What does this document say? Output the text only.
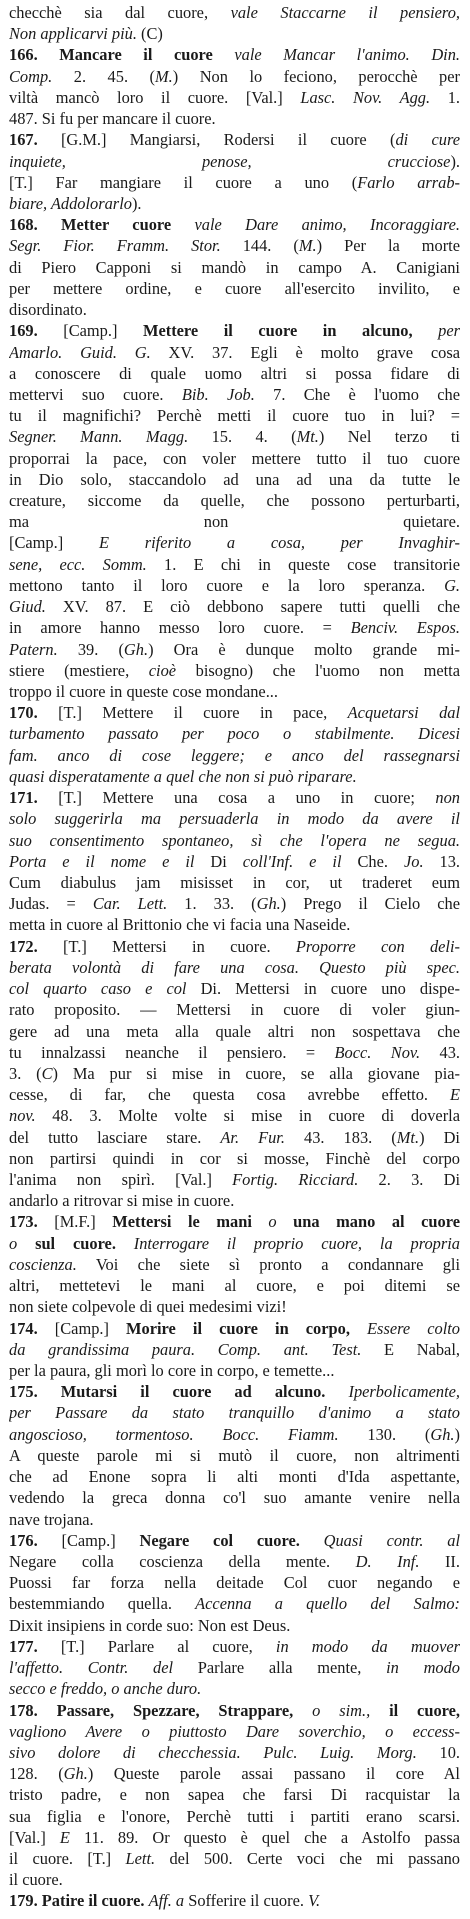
checchè sia dal cuore, vale Staccarne il pensiero,
Non applicarvi più. (C)
166. Mancare il cuore vale Mancar l'animo. Din.
Comp. 2. 45. (M.) Non lo feciono, perocchè per
viltà mancò loro il cuore. [Val.] Lasc. Nov. Agg. 1.
487. Si fu per mancare il cuore.
167. [G.M.] Mangiarsi, Rodersi il cuore (di cure
inquiete, penose, crucciose).
[T.] Far mangiare il cuore a uno (Farlo arrab-
biare, Addolorarlo).
168. Metter cuore vale Dare animo, Incoraggiare.
Segr. Fior. Framm. Stor. 144. (M.) Per la morte
di Piero Capponi si mandò in campo A. Canigiani
per mettere ordine, e cuore all'esercito invilito, e
disordinato.
169. [Camp.] Mettere il cuore in alcuno, per
Amarlo. Guid. G. XV. 37. Egli è molto grave cosa
a conoscere di quale uomo altri si possa fidare di
mettervi suo cuore. Bib. Job. 7. Che è l'uomo che
tu il magnifichi? Perchè metti il cuore tuo in lui? =
Segner. Mann. Magg. 15. 4. (Mt.) Nel terzo ti
proporrai la pace, con voler mettere tutto il tuo cuore
in Dio solo, staccandolo ad una ad una da tutte le
creature, siccome da quelle, che possono perturbarti,
ma non quietare.
[Camp.] E riferito a cosa, per Invaghir-
sene, ecc. Somm. 1. E chi in queste cose transitorie
mettono tanto il loro cuore e la loro speranza. G.
Giud. XV. 87. E ciò debbono sapere tutti quelli che
in amore hanno messo loro cuore. = Benciv. Espos.
Patern. 39. (Gh.) Ora è dunque molto grande mi-
stiere (mestiere, cioè bisogno) che l'uomo non metta
troppo il cuore in queste cose mondane...
170. [T.] Mettere il cuore in pace, Acquetarsi dal
turbamento passato per poco o stabilmente. Dicesi
fam. anco di cose leggere; e anco del rassegnarsi
quasi disperatamente a quel che non si può riparare.
171. [T.] Mettere una cosa a uno in cuore; non
solo suggerirla ma persuaderla in modo da avere il
suo consentimento spontaneo, sì che l'opera ne segua.
Porta e il nome e il Di coll'Inf. e il Che. Jo. 13.
Cum diabulus jam misisset in cor, ut traderet eum
Judas. = Car. Lett. 1. 33. (Gh.) Prego il Cielo che
metta in cuore al Brittonio che vi facia una Naseide.
172. [T.] Mettersi in cuore. Proporre con deli-
berata volontà di fare una cosa. Questo più spec.
col quarto caso e col Di. Mettersi in cuore uno dispe-
rato proposito. — Mettersi in cuore di voler giun-
gere ad una meta alla quale altri non sospettava che
tu innalzassi neanche il pensiero. = Bocc. Nov. 43.
3. (C) Ma pur si mise in cuore, se alla giovane pia-
cesse, di far, che questa cosa avrebbe effetto. E
nov. 48. 3. Molte volte si mise in cuore di doverla
del tutto lasciare stare. Ar. Fur. 43. 183. (Mt.) Di
non partirsi quindi in cor si mosse, Finchè del corpo
l'anima non spirì. [Val.] Fortig. Ricciard. 2. 3. Di
andarlo a ritrovar si mise in cuore.
173. [M.F.] Mettersi le mani o una mano al cuore
o sul cuore. Interrogare il proprio cuore, la propria
coscienza. Voi che siete sì pronto a condannare gli
altri, mettetevi le mani al cuore, e poi ditemi se
non siete colpevole di quei medesimi vizi!
174. [Camp.] Morire il cuore in corpo, Essere colto
da grandissima paura. Comp. ant. Test. E Nabal,
per la paura, gli morì lo core in corpo, e temette...
175. Mutarsi il cuore ad alcuno. Iperbolicamente,
per Passare da stato tranquillo d'animo a stato
angoscioso, tormentoso. Bocc. Fiamm. 130. (Gh.)
A queste parole mi si mutò il cuore, non altrimenti
che ad Enone sopra li alti monti d'Ida aspettante,
vedendo la greca donna co'l suo amante venire nella
nave trojana.
176. [Camp.] Negare col cuore. Quasi contr. al
Negare colla coscienza della mente. D. Inf. II.
Puossi far forza nella deitade Col cuor negando e
bestemmiando quella. Accenna a quello del Salmo:
Dixit insipiens in corde suo: Non est Deus.
177. [T.] Parlare al cuore, in modo da muover
l'affetto. Contr. del Parlare alla mente, in modo
secco e freddo, o anche duro.
178. Passare, Spezzare, Strappare, o sim., il cuore,
vagliono Avere o piuttosto Dare soverchio, o eccess-
sivo dolore di checchessia. Pulc. Luig. Morg. 10.
128. (Gh.) Queste parole assai passano il core Al
tristo padre, e non sapea che farsi Di racquistar la
sua figlia e l'onore, Perchè tutti i partiti erano scarsi.
[Val.] E 11. 89. Or questo è quel che a Astolfo passa
il cuore. [T.] Lett. del 500. Certe voci che mi passano
il cuore.
179. Patire il cuore. Aff. a Sofferire il cuore. V.
